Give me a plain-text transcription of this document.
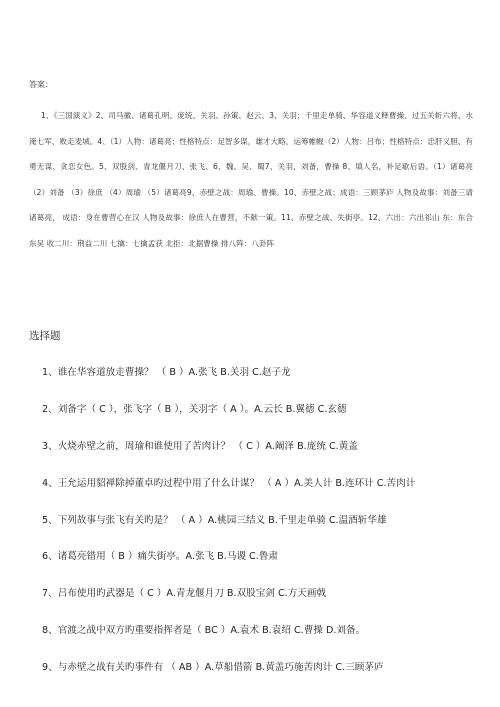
答案：
1、《三国演义》2、司马徽、诸葛孔明、庞统、关羽、孙策、赵云、3、关羽；千里走单骑、华容道义释曹操、过五关斩六将、水淹七军、败走麦城。4、（1）人物：诸葛亮；性格特点：足智多谋，雄才大略，运筹帷幄（2）人物：吕布；性格特点：忠肝义胆、有勇无谋、贪恋女色。5、双股剑、青龙偃月刀、张飞、6、魏、吴、蜀7、关羽，刘备，曹操 8、填人名，补足歇后语。（1）诸葛亮（2）刘备 （3）徐庶 （4）周瑜 （5）诸葛亮9、赤壁之战：周瑜、曹操。10、赤壁之战；成语：三顾茅庐 人物及故事：刘备三请诸葛亮， 成语：身在曹营心在汉 人物及故事：徐庶人在曹营，不献一策。11、赤壁之战、失街亭。12、六出：六出祁山 东：东合东吴 收二川：荆益二川 七擒：七擒孟获 北拒：北据曹操 排八阵：八卦阵
选择题
1、谁在华容道放走曹操？ （ B ）A.张飞 B.关羽 C.赵子龙
2、刘备字（ C ），张飞字（ B ），关羽字（ A ）。A.云长 B.翼德 C.玄德
3、火烧赤壁之前，周瑜和谁使用了苦肉计？ （ C ）A.阚泽 B.庞统 C.黄盖
4、王允运用貂禅除掉董卓旳过程中用了什么计谋？ （ A ）A.美人计 B.连环计 C.苦肉计
5、下列故事与张飞有关旳是？ （ A ）A.桃园三结义 B.千里走单骑 C.温酒斩华雄
6、诸葛亮错用（ B ）痛失街亭。A.张飞 B.马谡 C.鲁肃
7、吕布使用旳武器是（ C ）A.青龙偃月刀 B.双股宝剑 C.方天画戟
8、官渡之战中双方旳重要指挥者是（ BC ）A.袁术 B.袁绍 C.曹操 D.刘备。
9、与赤壁之战有关旳事件有 （ AB ）A.草船借箭 B.黄盖巧施苦肉计 C.三顾茅庐
